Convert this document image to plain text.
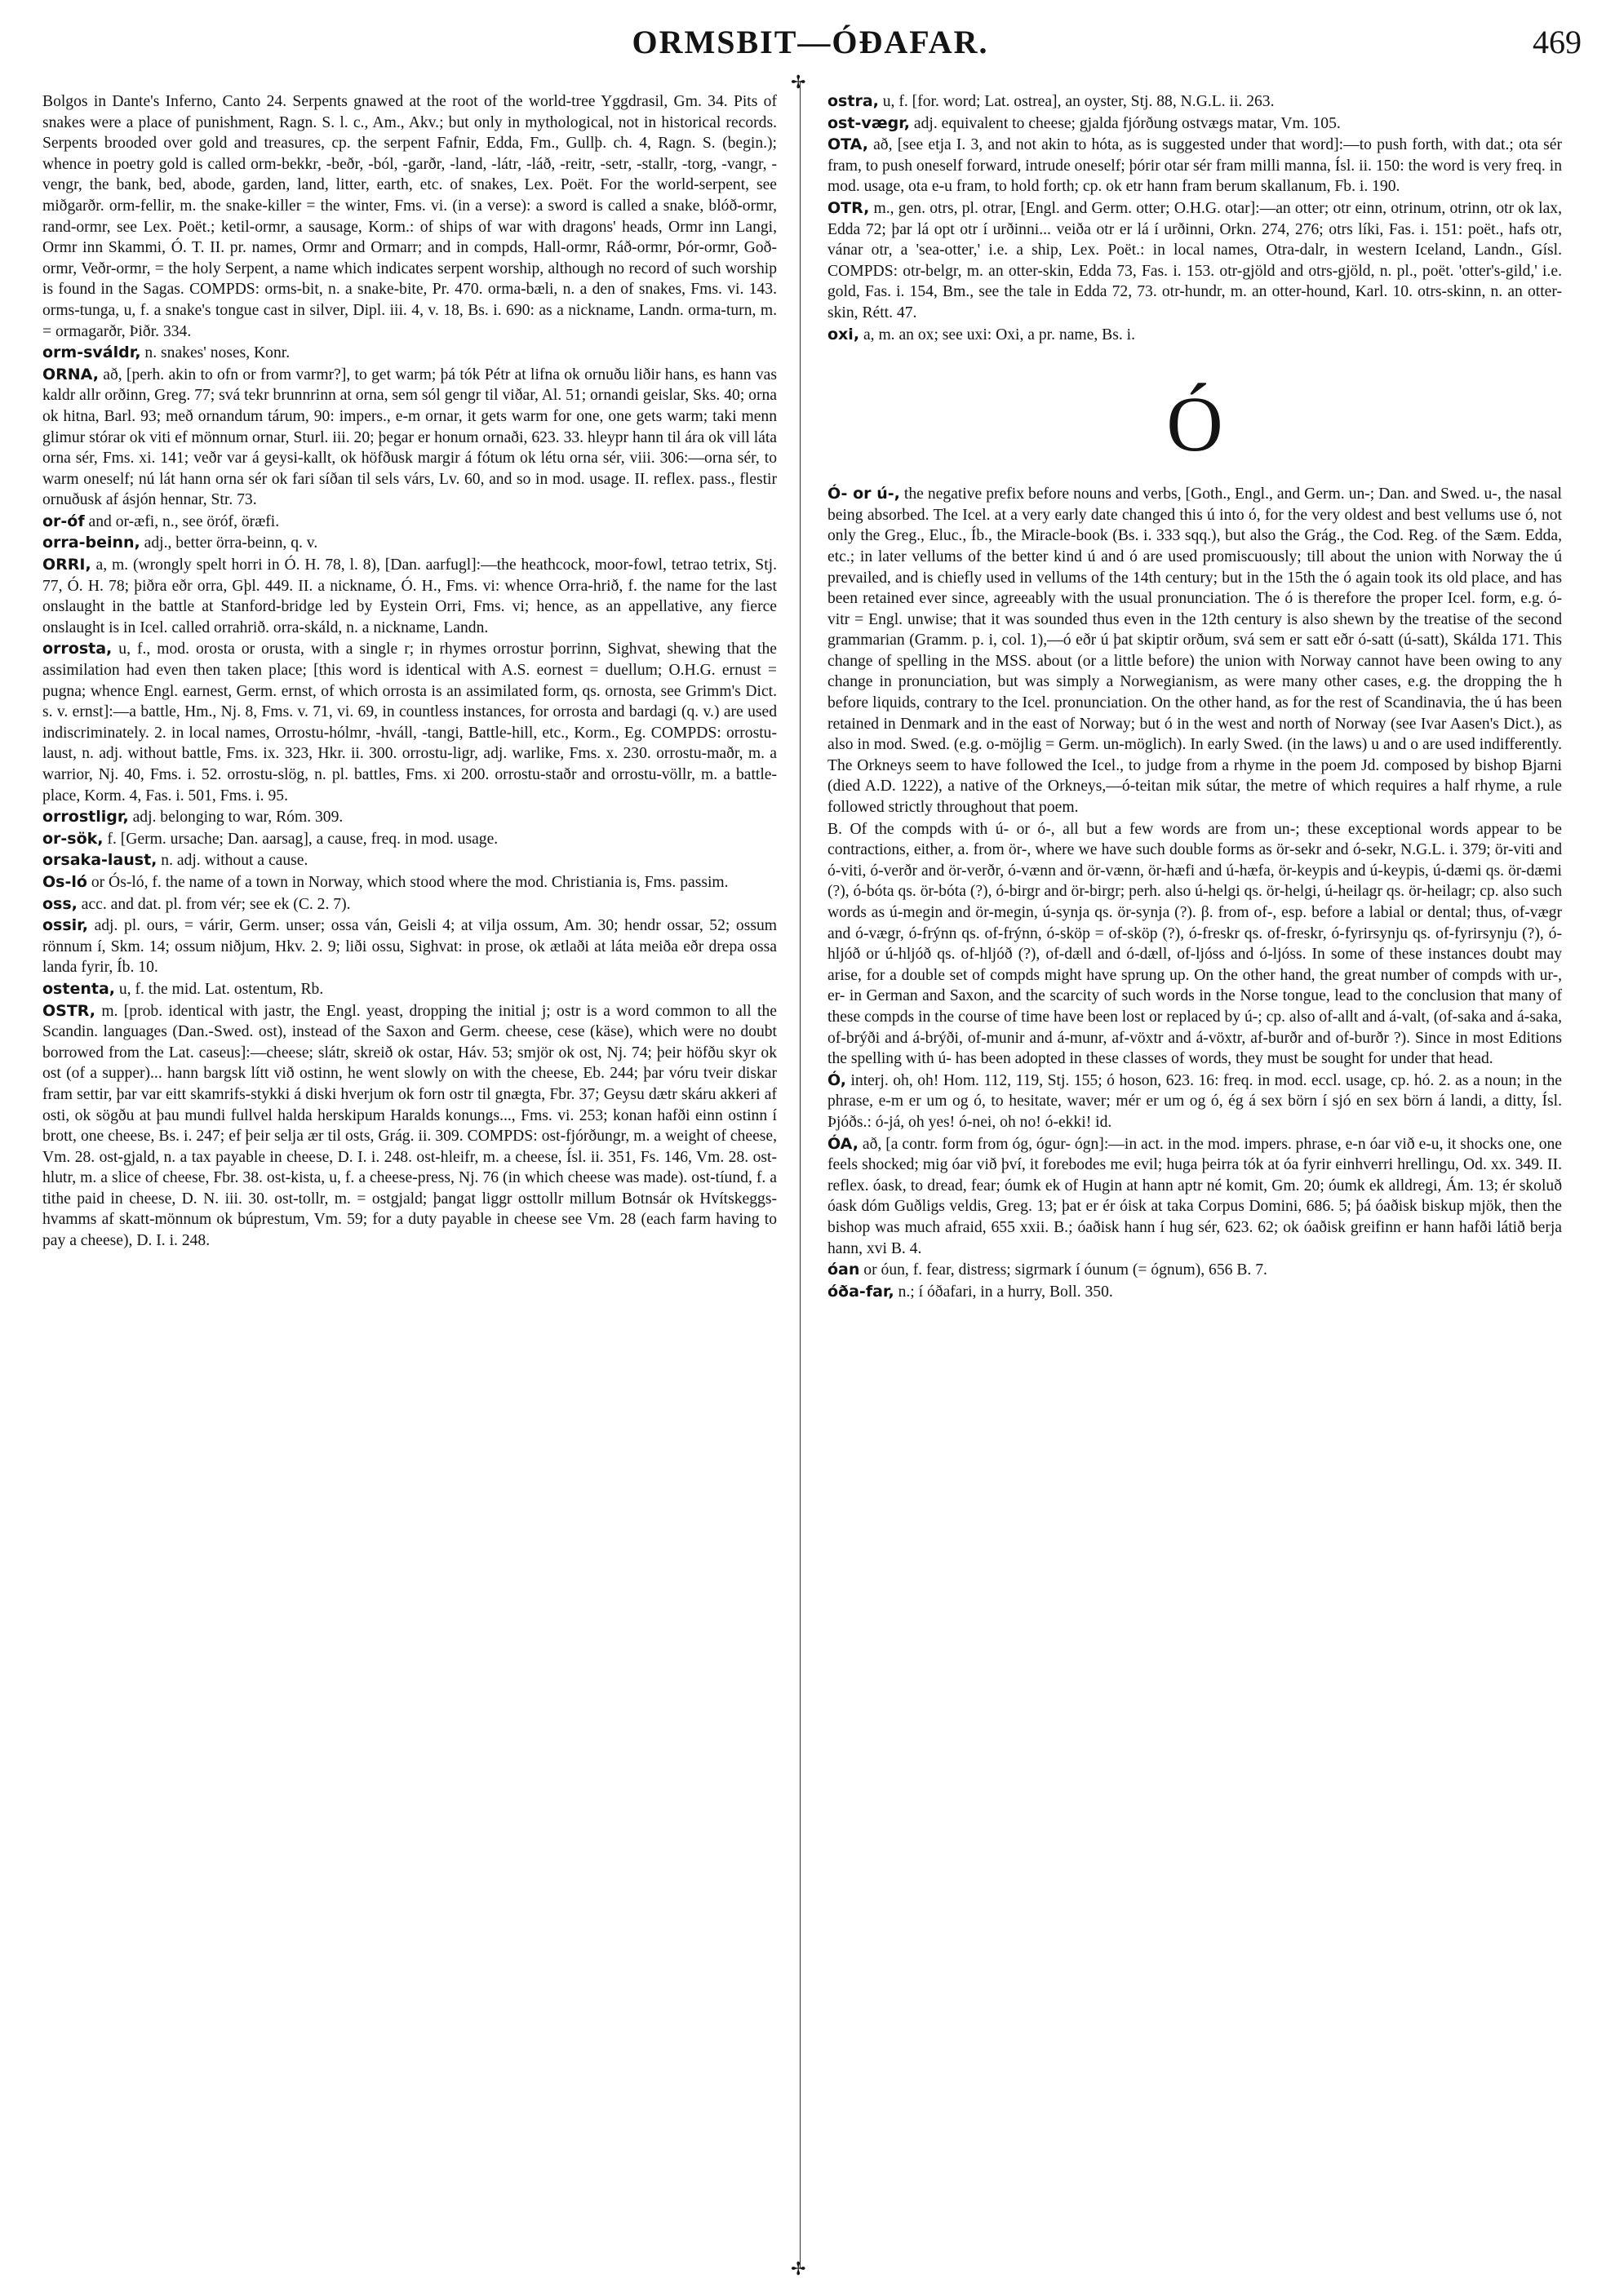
ORMSBIT—ÓÐAFAR.	469
✢
✢
Bolgos in Dante's Inferno, Canto 24. Serpents gnawed at the root of the world-tree Yggdrasil, Gm. 34. Pits of snakes were a place of punishment, Ragn. S. l. c., Am., Akv.; but only in mythological, not in historical records. Serpents brooded over gold and treasures, cp. the serpent Fafnir, Edda, Fm., Gullþ. ch. 4, Ragn. S. (begin.); whence in poetry gold is called orm-bekkr, -beðr, -ból, -garðr, -land, -látr, -láð, -reitr, -setr, -stallr, -torg, -vangr, -vengr, the bank, bed, abode, garden, land, litter, earth, etc. of snakes, Lex. Poët. For the world-serpent, see miðgarðr. orm-fellir, m. the snake-killer = the winter, Fms. vi. (in a verse): a sword is called a snake, blóð-ormr, rand-ormr, see Lex. Poët.; ketil-ormr, a sausage, Korm.: of ships of war with dragons' heads, Ormr inn Langi, Ormr inn Skammi, Ó. T. II. pr. names, Ormr and Ormarr; and in compds, Hall-ormr, Ráð-ormr, Þór-ormr, Goð-ormr, Veðr-ormr, = the holy Serpent, a name which indicates serpent worship, although no record of such worship is found in the Sagas. COMPDS: orms-bit, n. a snake-bite, Pr. 470. orma-bæli, n. a den of snakes, Fms. vi. 143. orms-tunga, u, f. a snake's tongue cast in silver, Dipl. iii. 4, v. 18, Bs. i. 690: as a nickname, Landn. orma-turn, m. = ormagarðr, Þiðr. 334.
orm-sváldr, n. snakes' noses, Konr.
ORNA, að, [perh. akin to ofn or from varmr?], to get warm; þá tók Pétr at lifna ok ornuðu liðir hans, es hann vas kaldr allr orðinn, Greg. 77; svá tekr brunnrinn at orna, sem sól gengr til viðar, Al. 51; ornandi geislar, Sks. 40; orna ok hitna, Barl. 93; með ornandum tárum, 90: impers., e-m ornar, it gets warm for one, one gets warm; taki menn glimur stórar ok viti ef mönnum ornar, Sturl. iii. 20; þegar er honum ornaði, 623. 33. hleypr hann til ára ok vill láta orna sér, Fms. xi. 141; veðr var á geysi-kallt, ok höfðusk margir á fótum ok létu orna sér, viii. 306:—orna sér, to warm oneself; nú lát hann orna sér ok fari síðan til sels várs, Lv. 60, and so in mod. usage. II. reflex. pass., flestir ornuðusk af ásjón hennar, Str. 73.
or-óf and or-æfi, n., see öróf, öræfi.
orra-beinn, adj., better örra-beinn, q. v.
ORRI, a, m. (wrongly spelt horri in Ó. H. 78, l. 8), [Dan. aarfugl]:—the heathcock, moor-fowl, tetrao tetrix, Stj. 77, Ó. H. 78; þiðra eðr orra, Gþl. 449. II. a nickname, Ó. H., Fms. vi: whence Orra-hrið, f. the name for the last onslaught in the battle at Stanford-bridge led by Eystein Orri, Fms. vi; hence, as an appellative, any fierce onslaught is in Icel. called orrahrið. orra-skáld, n. a nickname, Landn.
orrosta, u, f., mod. orosta or orusta, with a single r; in rhymes orrostur þorrinn, Sighvat, shewing that the assimilation had even then taken place; [this word is identical with A.S. eornest = duellum; O.H.G. ernust = pugna; whence Engl. earnest, Germ. ernst, of which orrosta is an assimilated form, qs. ornosta, see Grimm's Dict. s. v. ernst]:—a battle, Hm., Nj. 8, Fms. v. 71, vi. 69, in countless instances, for orrosta and bardagi (q. v.) are used indiscriminately. 2. in local names, Orrostu-hólmr, -hváll, -tangi, Battle-hill, etc., Korm., Eg. COMPDS: orrostu-laust, n. adj. without battle, Fms. ix. 323, Hkr. ii. 300. orrostu-ligr, adj. warlike, Fms. x. 230. orrostu-maðr, m. a warrior, Nj. 40, Fms. i. 52. orrostu-slög, n. pl. battles, Fms. xi 200. orrostu-staðr and orrostu-völlr, m. a battle-place, Korm. 4, Fas. i. 501, Fms. i. 95.
orrostligr, adj. belonging to war, Róm. 309.
or-sök, f. [Germ. ursache; Dan. aarsag], a cause, freq. in mod. usage.
orsaka-laust, n. adj. without a cause.
Os-ló or Ós-ló, f. the name of a town in Norway, which stood where the mod. Christiania is, Fms. passim.
oss, acc. and dat. pl. from vér; see ek (C. 2. 7).
ossir, adj. pl. ours, = várir, Germ. unser; ossa ván, Geisli 4; at vilja ossum, Am. 30; hendr ossar, 52; ossum rönnum í, Skm. 14; ossum niðjum, Hkv. 2. 9; liði ossu, Sighvat: in prose, ok ætlaði at láta meiða eðr drepa ossa landa fyrir, Íb. 10.
ostenta, u, f. the mid. Lat. ostentum, Rb.
OSTR, m. [prob. identical with jastr, the Engl. yeast, dropping the initial j; ostr is a word common to all the Scandin. languages (Dan.-Swed. ost), instead of the Saxon and Germ. cheese, cese (käse), which were no doubt borrowed from the Lat. caseus]:—cheese; slátr, skreið ok ostar, Háv. 53; smjör ok ost, Nj. 74; þeir höfðu skyr ok ost (of a supper)... hann bargsk lítt við ostinn, he went slowly on with the cheese, Eb. 244; þar vóru tveir diskar fram settir, þar var eitt skamrifs-stykki á diski hverjum ok forn ostr til gnægta, Fbr. 37; Geysu dætr skáru akkeri af osti, ok sögðu at þau mundi fullvel halda herskipum Haralds konungs..., Fms. vi. 253; konan hafði einn ostinn í brott, one cheese, Bs. i. 247; ef þeir selja ær til osts, Grág. ii. 309. COMPDS: ost-fjórðungr, m. a weight of cheese, Vm. 28. ost-gjald, n. a tax payable in cheese, D. I. i. 248. ost-hleifr, m. a cheese, Ísl. ii. 351, Fs. 146, Vm. 28. ost-hlutr, m. a slice of cheese, Fbr. 38. ost-kista, u, f. a cheese-press, Nj. 76 (in which cheese was made). ost-tíund, f. a tithe paid in cheese, D. N. iii. 30. ost-tollr, m. = ostgjald; þangat liggr osttollr millum Botnsár ok Hvítskeggs-hvamms af skatt-mönnum ok búprestum, Vm. 59; for a duty payable in cheese see Vm. 28 (each farm having to pay a cheese), D. I. i. 248.
ostra, u, f. [for. word; Lat. ostrea], an oyster, Stj. 88, N.G.L. ii. 263.
ost-vægr, adj. equivalent to cheese; gjalda fjórðung ostvægs matar, Vm. 105.
OTA, að, [see etja I. 3, and not akin to hóta, as is suggested under that word]:—to push forth, with dat.; ota sér fram, to push oneself forward, intrude oneself; þórir otar sér fram milli manna, Ísl. ii. 150: the word is very freq. in mod. usage, ota e-u fram, to hold forth; cp. ok etr hann fram berum skallanum, Fb. i. 190.
OTR, m., gen. otrs, pl. otrar, [Engl. and Germ. otter; O.H.G. otar]:—an otter; otr einn, otrinum, otrinn, otr ok lax, Edda 72; þar lá opt otr í urðinni... veiða otr er lá í urðinni, Orkn. 274, 276; otrs líki, Fas. i. 151: poët., hafs otr, vánar otr, a 'sea-otter,' i.e. a ship, Lex. Poët.: in local names, Otra-dalr, in western Iceland, Landn., Gísl. COMPDS: otr-belgr, m. an otter-skin, Edda 73, Fas. i. 153. otr-gjöld and otrs-gjöld, n. pl., poët. 'otter's-gild,' i.e. gold, Fas. i. 154, Bm., see the tale in Edda 72, 73. otr-hundr, m. an otter-hound, Karl. 10. otrs-skinn, n. an otter-skin, Rétt. 47.
oxi, a, m. an ox; see uxi: Oxi, a pr. name, Bs. i.
Ó
Ó- or ú-, the negative prefix before nouns and verbs, [Goth., Engl., and Germ. un-; Dan. and Swed. u-, the nasal being absorbed. The Icel. at a very early date changed this ú into ó, for the very oldest and best vellums use ó, not only the Greg., Eluc., Íb., the Miracle-book (Bs. i. 333 sqq.), but also the Grág., the Cod. Reg. of the Sæm. Edda, etc.; in later vellums of the better kind ú and ó are used promiscuously; till about the union with Norway the ú prevailed, and is chiefly used in vellums of the 14th century; but in the 15th the ó again took its old place, and has been retained ever since, agreeably with the usual pronunciation. The ó is therefore the proper Icel. form, e.g. ó-vitr = Engl. unwise; that it was sounded thus even in the 12th century is also shewn by the treatise of the second grammarian (Gramm. p. i, col. 1),—ó eðr ú þat skiptir orðum, svá sem er satt eðr ó-satt (ú-satt), Skálda 171. This change of spelling in the MSS. about (or a little before) the union with Norway cannot have been owing to any change in pronunciation, but was simply a Norwegianism, as were many other cases, e.g. the dropping the h before liquids, contrary to the Icel. pronunciation. On the other hand, as for the rest of Scandinavia, the ú has been retained in Denmark and in the east of Norway; but ó in the west and north of Norway (see Ivar Aasen's Dict.), as also in mod. Swed. (e.g. o-möjlig = Germ. un-möglich). In early Swed. (in the laws) u and o are used indifferently. The Orkneys seem to have followed the Icel., to judge from a rhyme in the poem Jd. composed by bishop Bjarni (died A.D. 1222), a native of the Orkneys,—ó-teitan mik sútar, the metre of which requires a half rhyme, a rule followed strictly throughout that poem.
B. Of the compds with ú- or ó-, all but a few words are from un-; these exceptional words appear to be contractions, either, a. from ör-, where we have such double forms as ör-sekr and ó-sekr, N.G.L. i. 379; ör-viti and ó-viti, ó-verðr and ör-verðr, ó-vænn and ör-vænn, ör-hæfi and ú-hæfa, ör-keypis and ú-keypis, ú-dæmi qs. ör-dæmi (?), ó-bóta qs. ör-bóta (?), ó-birgr and ör-birgr; perh. also ú-helgi qs. ör-helgi, ú-heilagr qs. ör-heilagr; cp. also such words as ú-megin and ör-megin, ú-synja qs. ör-synja (?). β. from of-, esp. before a labial or dental; thus, of-vægr and ó-vægr, ó-frýnn qs. of-frýnn, ó-sköp = of-sköp (?), ó-freskr qs. of-freskr, ó-fyrirsynju qs. of-fyrirsynju (?), ó-hljóð or ú-hljóð qs. of-hljóð (?), of-dæll and ó-dæll, of-ljóss and ó-ljóss. In some of these instances doubt may arise, for a double set of compds might have sprung up. On the other hand, the great number of compds with ur-, er- in German and Saxon, and the scarcity of such words in the Norse tongue, lead to the conclusion that many of these compds in the course of time have been lost or replaced by ú-; cp. also of-allt and á-valt, (of-saka and á-saka, of-brýði and á-brýði, of-munir and á-munr, af-vöxtr and á-vöxtr, af-burðr and of-burðr ?). Since in most Editions the spelling with ú- has been adopted in these classes of words, they must be sought for under that head.
Ó, interj. oh, oh! Hom. 112, 119, Stj. 155; ó hoson, 623. 16: freq. in mod. eccl. usage, cp. hó. 2. as a noun; in the phrase, e-m er um og ó, to hesitate, waver; mér er um og ó, ég á sex börn í sjó en sex börn á landi, a ditty, Ísl. Þjóðs.: ó-já, oh yes! ó-nei, oh no! ó-ekki! id.
ÓA, að, [a contr. form from óg, ógur- ógn]:—in act. in the mod. impers. phrase, e-n óar við e-u, it shocks one, one feels shocked; mig óar við því, it forebodes me evil; huga þeirra tók at óa fyrir einhverri hrellingu, Od. xx. 349. II. reflex. óask, to dread, fear; óumk ek of Hugin at hann aptr né komit, Gm. 20; óumk ek alldregi, Ám. 13; ér skoluð óask dóm Guðligs veldis, Greg. 13; þat er ér óisk at taka Corpus Domini, 686. 5; þá óaðisk biskup mjök, then the bishop was much afraid, 655 xxii. B.; óaðisk hann í hug sér, 623. 62; ok óaðisk greifinn er hann hafði látið berja hann, xvi B. 4.
óan or óun, f. fear, distress; sigrmark í óunum (= ógnum), 656 B. 7.
óða-far, n.; í óðafari, in a hurry, Boll. 350.
